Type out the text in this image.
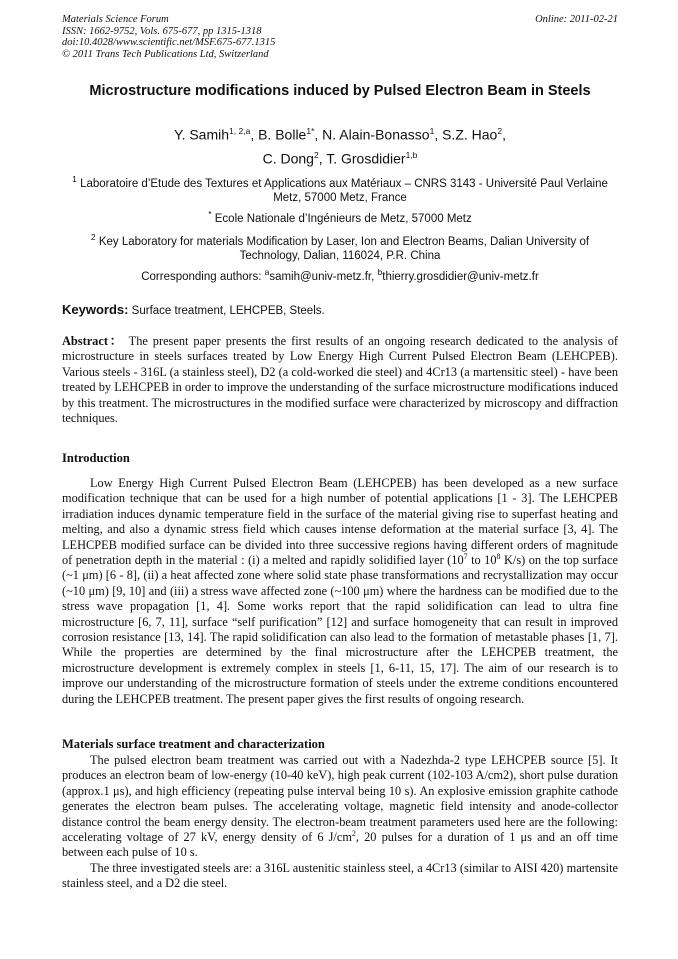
Materials Science Forum
ISSN: 1662-9752, Vols. 675-677, pp 1315-1318
doi:10.4028/www.scientific.net/MSF.675-677.1315
© 2011 Trans Tech Publications Ltd, Switzerland
Online: 2011-02-21
Microstructure modifications induced by Pulsed Electron Beam in Steels
Y. Samih$^{1, 2,a}$, B. Bolle$^{1*}$, N. Alain-Bonasso$^1$, S.Z. Hao$^2$,
C. Dong$^2$, T. Grosdidier$^{1,b}$
$^1$ Laboratoire d’Etude des Textures et Applications aux Matériaux – CNRS 3143 - Université Paul Verlaine Metz, 57000 Metz, France
* Ecole Nationale d’Ingénieurs de Metz, 57000 Metz
$^2$ Key Laboratory for materials Modification by Laser, Ion and Electron Beams, Dalian University of Technology, Dalian, 116024, P.R. China
Corresponding authors: $^a$samih@univ-metz.fr, $^b$thierry.grosdidier@univ-metz.fr
Keywords: Surface treatment, LEHCPEB, Steels.
Abstract： The present paper presents the first results of an ongoing research dedicated to the analysis of microstructure in steels surfaces treated by Low Energy High Current Pulsed Electron Beam (LEHCPEB). Various steels - 316L (a stainless steel), D2 (a cold-worked die steel) and 4Cr13 (a martensitic steel) - have been treated by LEHCPEB in order to improve the understanding of the surface microstructure modifications induced by this treatment. The microstructures in the modified surface were characterized by microscopy and diffraction techniques.
Introduction

Low Energy High Current Pulsed Electron Beam (LEHCPEB) has been developed as a new surface modification technique that can be used for a high number of potential applications [1 - 3]. The LEHCPEB irradiation induces dynamic temperature field in the surface of the material giving rise to superfast heating and melting, and also a dynamic stress field which causes intense deformation at the material surface [3, 4]. The LEHCPEB modified surface can be divided into three successive regions having different orders of magnitude of penetration depth in the material : (i) a melted and rapidly solidified layer ($10^7$ to $10^8$ K/s) on the top surface (~1 μm) [6 - 8], (ii) a heat affected zone where solid state phase transformations and recrystallization may occur (~10 μm) [9, 10] and (iii) a stress wave affected zone (~100 μm) where the hardness can be modified due to the stress wave propagation [1, 4]. Some works report that the rapid solidification can lead to ultra fine microstructure [6, 7, 11], surface “self purification” [12] and surface homogeneity that can result in improved corrosion resistance [13, 14]. The rapid solidification can also lead to the formation of metastable phases [1, 7]. While the properties are determined by the final microstructure after the LEHCPEB treatment, the microstructure development is extremely complex in steels [1, 6-11, 15, 17]. The aim of our research is to improve our understanding of the microstructure formation of steels under the extreme conditions encountered during the LEHCPEB treatment. The present paper gives the first results of ongoing research.

Materials surface treatment and characterization

The pulsed electron beam treatment was carried out with a Nadezhda-2 type LEHCPEB source [5]. It produces an electron beam of low-energy (10-40 keV), high peak current (102-103 A/cm2), short pulse duration (approx.1 μs), and high efficiency (repeating pulse interval being 10 s). An explosive emission graphite cathode generates the electron beam pulses. The accelerating voltage, magnetic field intensity and anode-collector distance control the beam energy density. The electron-beam treatment parameters used here are the following: accelerating voltage of 27 kV, energy density of 6 $J/cm^2$, 20 pulses for a duration of 1 μs and an off time between each pulse of 10 s.

The three investigated steels are: a 316L austenitic stainless steel, a 4Cr13 (similar to AISI 420) martensite stainless steel, and a D2 die steel.
